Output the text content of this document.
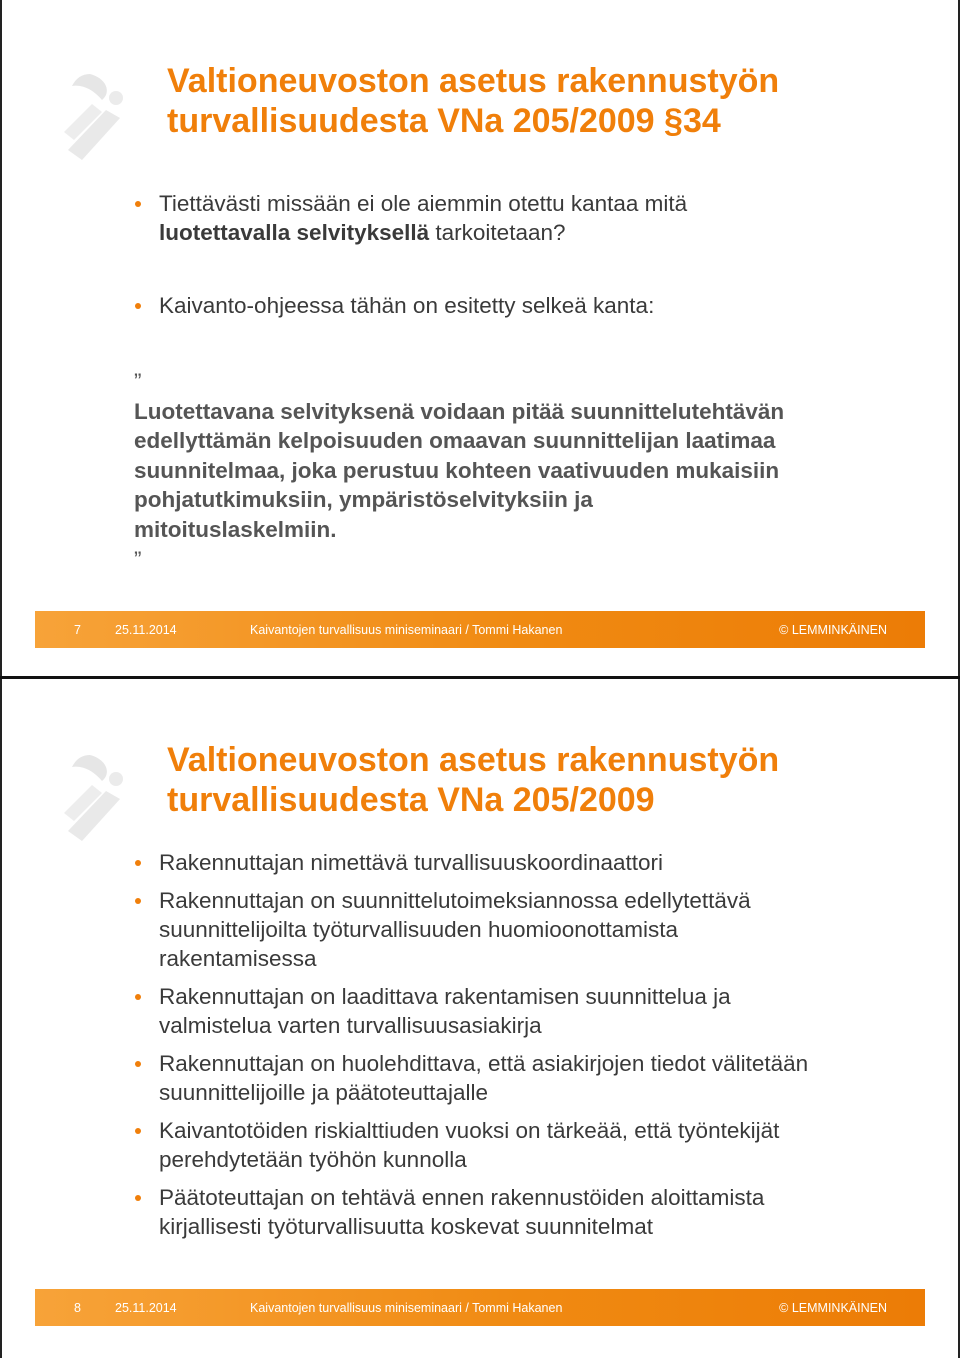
Valtioneuvoston asetus rakennustyön
turvallisuudesta VNa 205/2009 §34
Tiettävästi missään ei ole aiemmin otettu kantaa mitä
luotettavalla selvityksellä tarkoitetaan?
Kaivanto-ohjeessa tähän on esitetty selkeä kanta:
”
Luotettavana selvityksenä voidaan pitää suunnittelutehtävän
edellyttämän kelpoisuuden omaavan suunnittelijan laatimaa
suunnitelmaa, joka perustuu kohteen vaativuuden mukaisiin
pohjatutkimuksiin, ympäristöselvityksiin ja
mitoituslaskelmiin.
”
7	25.11.2014	Kaivantojen turvallisuus miniseminaari / Tommi Hakanen	© LEMMINKÄINEN
Valtioneuvoston asetus rakennustyön
turvallisuudesta VNa 205/2009
Rakennuttajan nimettävä turvallisuuskoordinaattori
Rakennuttajan on suunnittelutoimeksiannossa edellytettävä
suunnittelijoilta työturvallisuuden huomioonottamista
rakentamisessa
Rakennuttajan on laadittava rakentamisen suunnittelua ja
valmistelua varten turvallisuusasiakirja
Rakennuttajan on huolehdittava, että asiakirjojen tiedot välitetään
suunnittelijoille ja päätoteuttajalle
Kaivantotöiden riskialttiuden vuoksi on tärkeää, että työntekijät
perehdytetään työhön kunnolla
Päätoteuttajan on tehtävä ennen rakennustöiden aloittamista
kirjallisesti työturvallisuutta koskevat suunnitelmat
8	25.11.2014	Kaivantojen turvallisuus miniseminaari / Tommi Hakanen	© LEMMINKÄINEN
